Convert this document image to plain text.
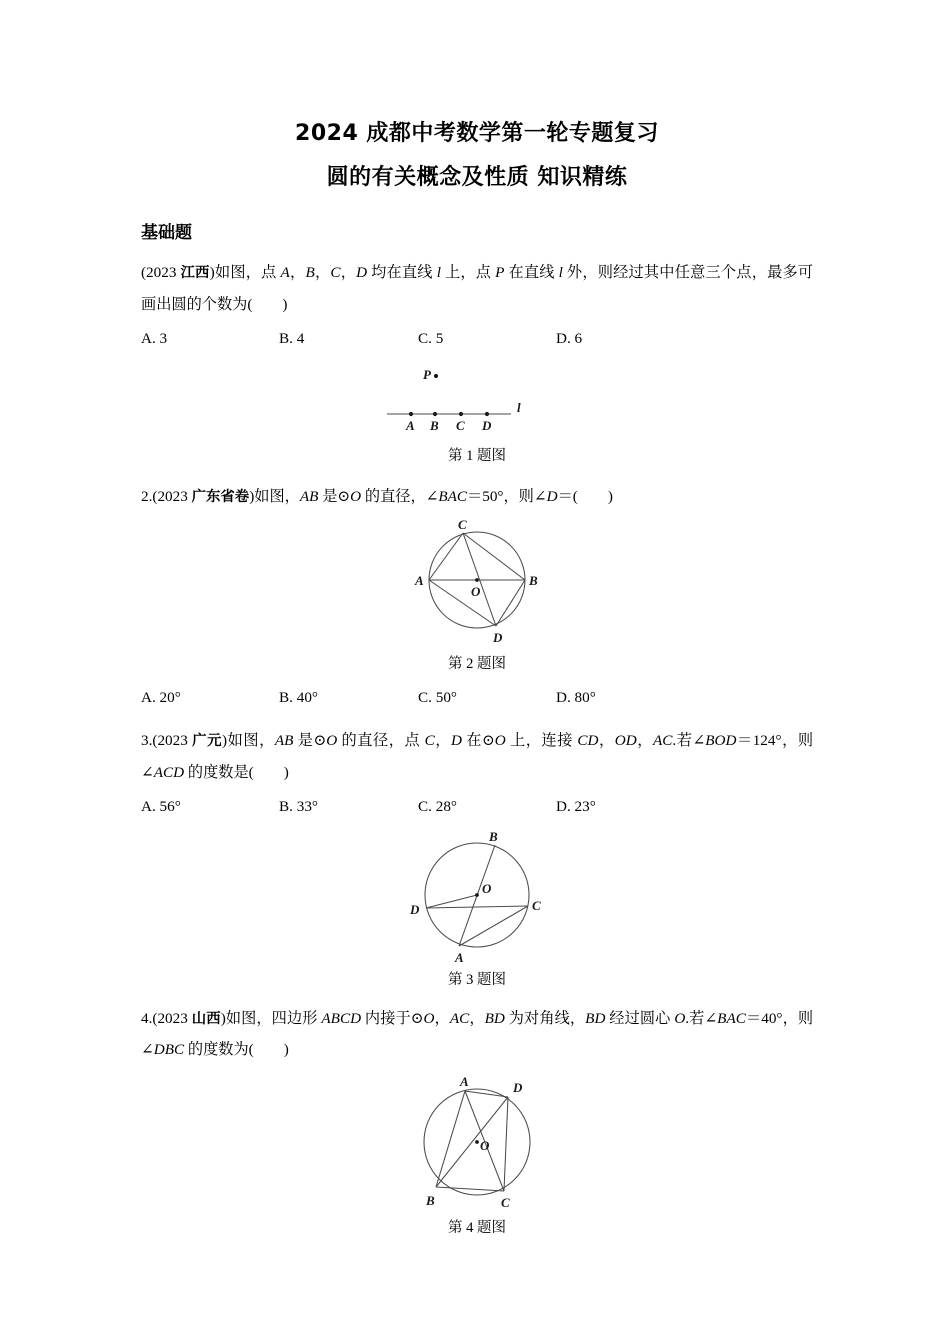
2024 成都中考数学第一轮专题复习
圆的有关概念及性质 知识精练
基础题
(2023 江西)如图，点 A，B，C，D 均在直线 l 上，点 P 在直线 l 外，则经过其中任意三个点，最多可画出圆的个数为( )
A. 3	B. 4	C. 5	D. 6
P
l
A B C D
第 1 题图
2.(2023 广东省卷)如图，AB 是⊙O 的直径，∠BAC＝50°，则∠D＝( )
O
A	B
C
D
第 2 题图
A. 20°	B. 40°	C. 50°	D. 80°
3.(2023 广元)如图，AB 是⊙O 的直径，点 C，D 在⊙O 上，连接 CD，OD，AC.若∠BOD＝124°，则∠ACD 的度数是( )
A. 56°	B. 33°	C. 28°	D. 23°
O
A
B
C
D
第 3 题图
4.(2023 山西)如图，四边形 ABCD 内接于⊙O，AC，BD 为对角线，BD 经过圆心 O.若∠BAC＝40°，则∠DBC 的度数为( )
O
A
B	C
D
第 4 题图
